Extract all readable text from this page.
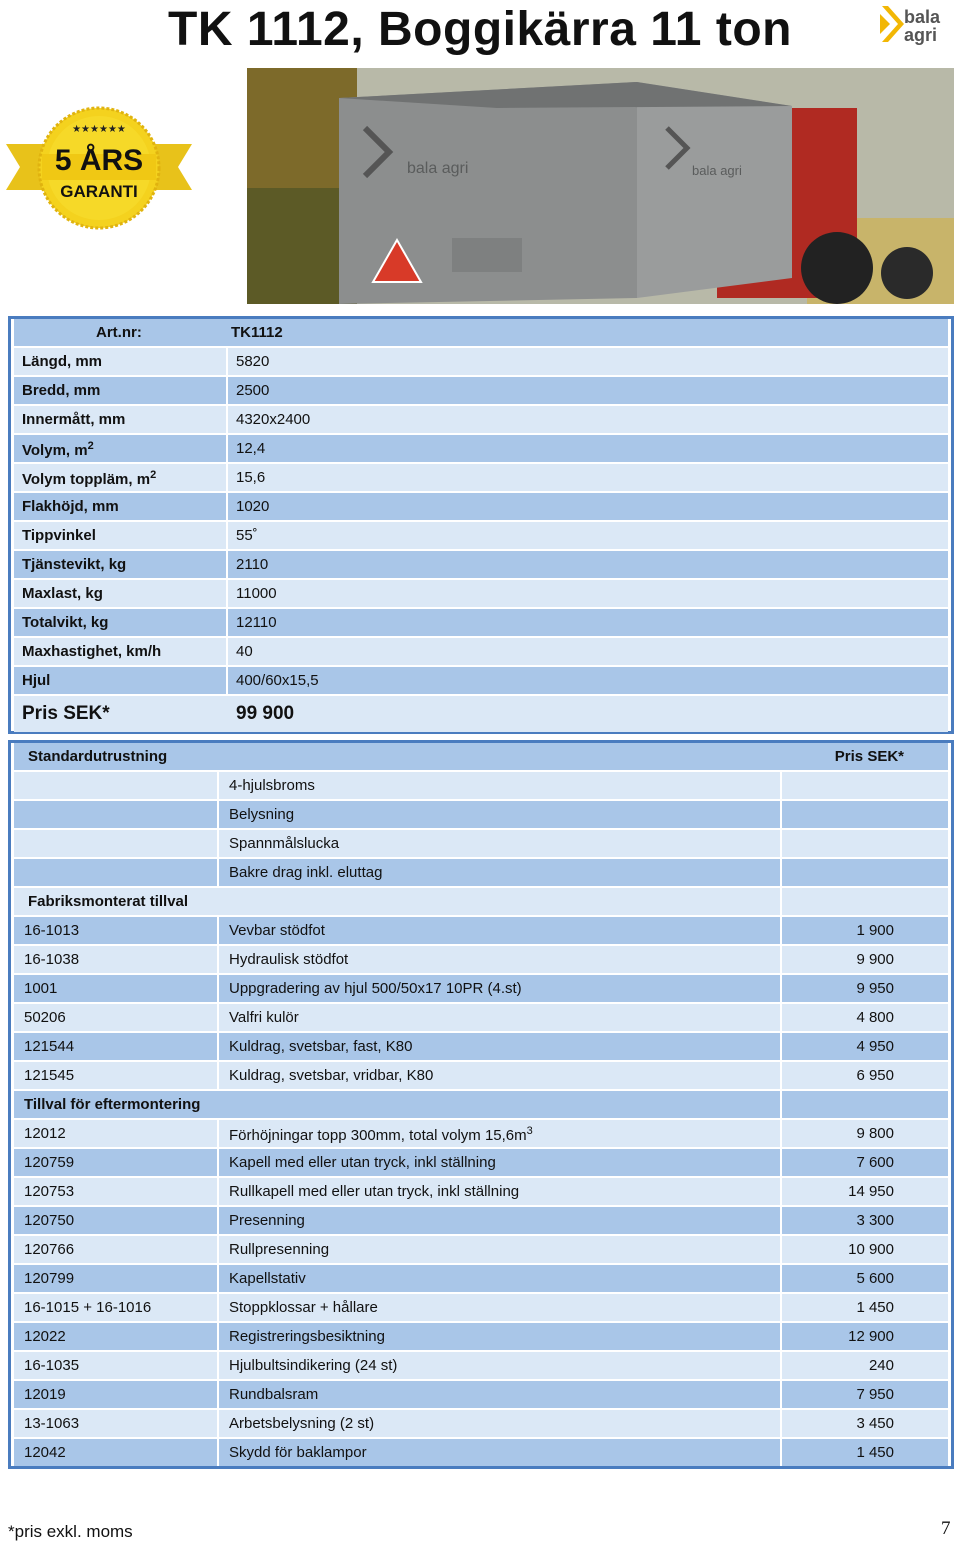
TK 1112, Boggikärra 11 ton	bala
agri
★★★★★★
5 ÅRS
GARANTI
bala agri	bala agri
Art.nr:	TK1112
Längd, mm	5820
Bredd, mm	2500
Innermått, mm	4320x2400
Volym, $m^2$	12,4
Volym toppläm, $m^2$	15,6
Flakhöjd, mm	1020
Tippvinkel	55˚
Tjänstevikt, kg	2110
Maxlast, kg	11000
Totalvikt, kg	12110
Maxhastighet, km/h	40
Hjul	400/60x15,5
Pris SEK*	99 900
Standardutrustning	Pris SEK*
4-hjulsbroms
Belysning
Spannmålslucka
Bakre drag inkl. eluttag
Fabriksmonterat tillval
16-1013	Vevbar stödfot	1 900
16-1038	Hydraulisk stödfot	9 900
1001	Uppgradering av hjul 500/50x17 10PR (4.st)	9 950
50206	Valfri kulör	4 800
121544	Kuldrag, svetsbar, fast, K80	4 950
121545	Kuldrag, svetsbar, vridbar, K80	6 950
Tillval för eftermontering
12012	Förhöjningar topp 300mm, total volym $15,6m^3$	9 800
120759	Kapell med eller utan tryck, inkl ställning	7 600
120753	Rullkapell med eller utan tryck, inkl ställning	14 950
120750	Presenning	3 300
120766	Rullpresenning	10 900
120799	Kapellstativ	5 600
16-1015 + 16-1016	Stoppklossar + hållare	1 450
12022	Registreringsbesiktning	12 900
16-1035	Hjulbultsindikering (24 st)	240
12019	Rundbalsram	7 950
13-1063	Arbetsbelysning (2 st)	3 450
12042	Skydd för baklampor	1 450
*pris exkl. moms	7
